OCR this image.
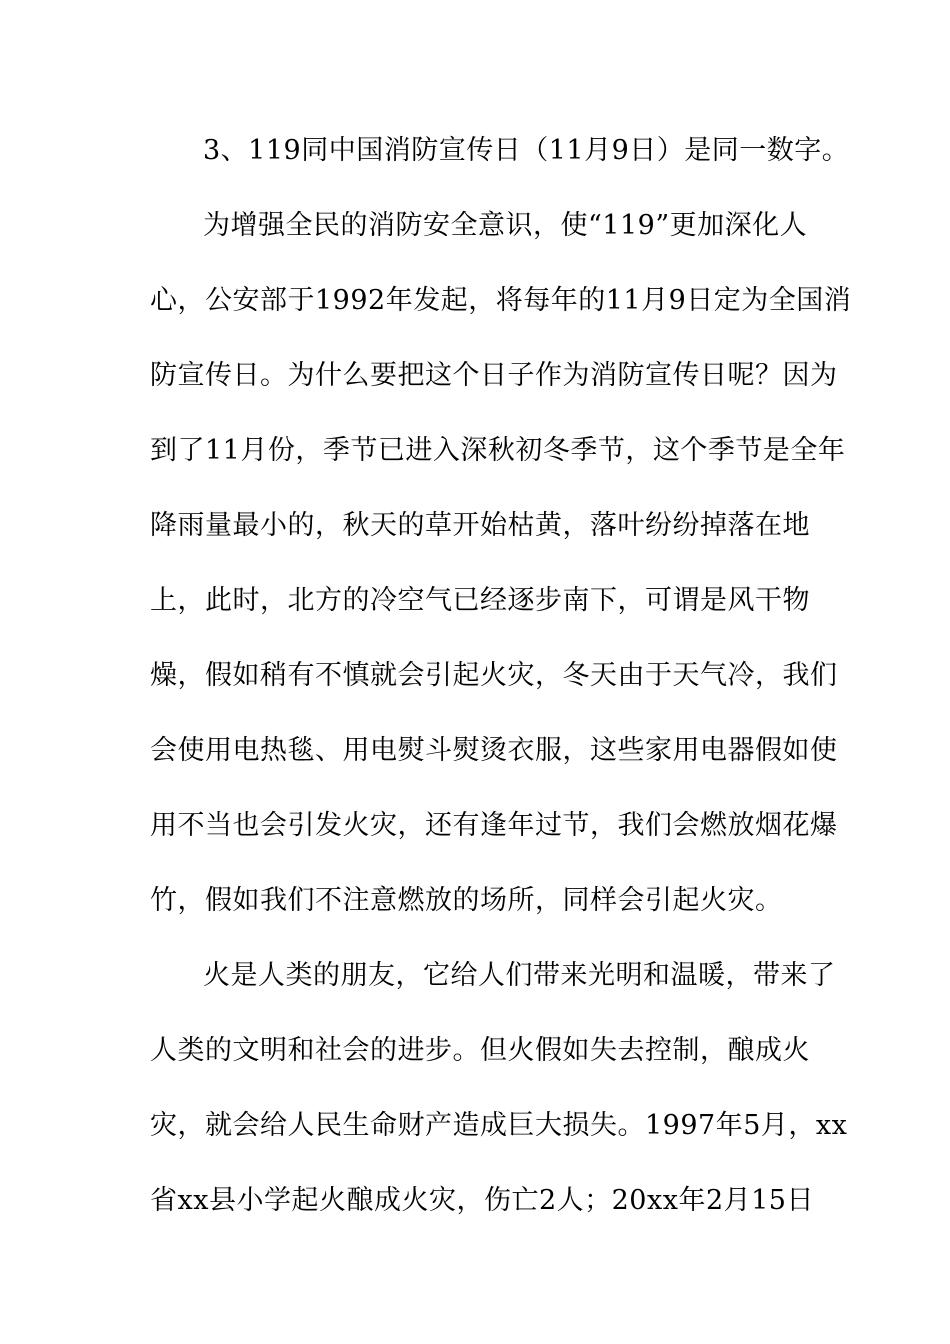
3、119同中国消防宣传日（11月9日）是同一数字。

为增强全民的消防安全意识，使“119”更加深化人

心，公安部于1992年发起，将每年的11月9日定为全国消

防宣传日。为什么要把这个日子作为消防宣传日呢？因为

到了11月份，季节已进入深秋初冬季节，这个季节是全年

降雨量最小的，秋天的草开始枯黄，落叶纷纷掉落在地

上，此时，北方的冷空气已经逐步南下，可谓是风干物

燥，假如稍有不慎就会引起火灾，冬天由于天气冷，我们

会使用电热毯、用电熨斗熨烫衣服，这些家用电器假如使

用不当也会引发火灾，还有逢年过节，我们会燃放烟花爆

竹，假如我们不注意燃放的场所，同样会引起火灾。

火是人类的朋友，它给人们带来光明和温暖，带来了

人类的文明和社会的进步。但火假如失去控制，酿成火

灾，就会给人民生命财产造成巨大损失。1997年5月，xx

省xx县小学起火酿成火灾，伤亡2人；20xx年2月15日
